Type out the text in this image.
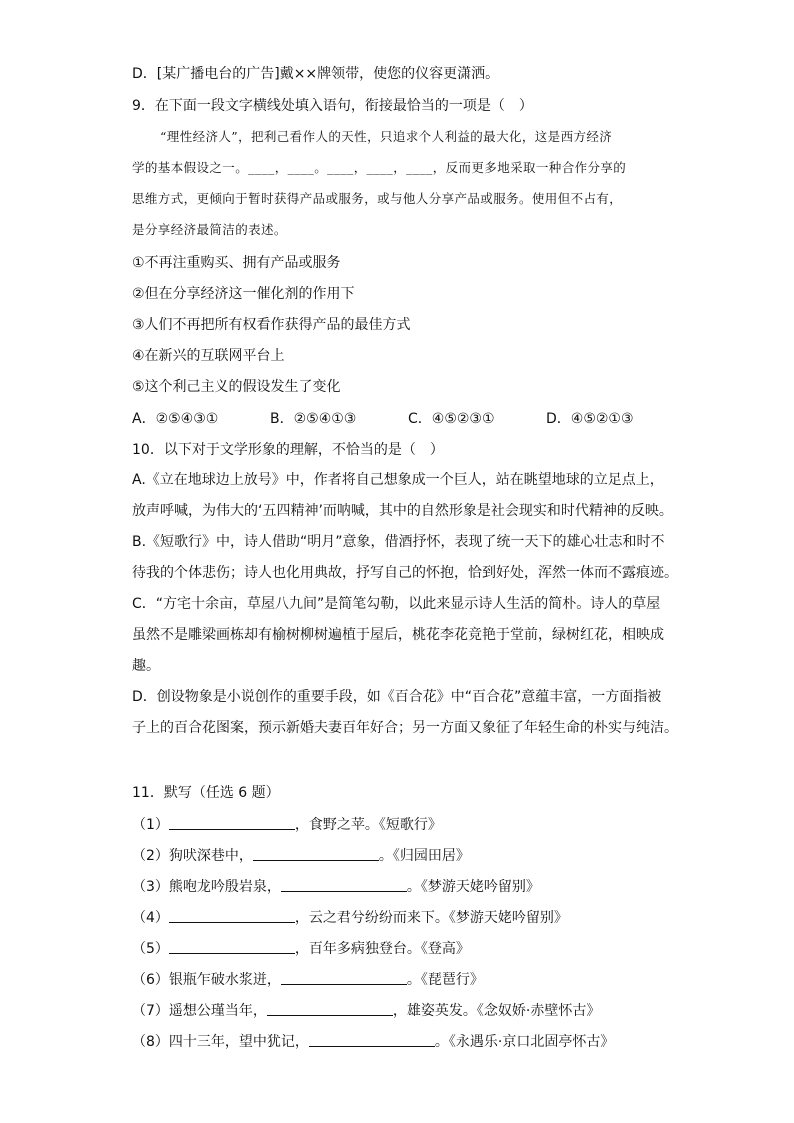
D．[某广播电台的广告]戴××牌领带，使您的仪容更潇洒。
9．在下面一段文字横线处填入语句，衔接最恰当的一项是（　）

“理性经济人”，把利己看作人的天性，只追求个人利益的最大化，这是西方经济

学的基本假设之一。____，____。____，____，____，反而更多地采取一种合作分享的

思维方式，更倾向于暂时获得产品或服务，或与他人分享产品或服务。使用但不占有，

是分享经济最简洁的表述。

①不再注重购买、拥有产品或服务
②但在分享经济这一催化剂的作用下
③人们不再把所有权看作获得产品的最佳方式
④在新兴的互联网平台上
⑤这个利己主义的假设发生了变化
A．②⑤④③①	B．②⑤④①③	C．④⑤②③①	D．④⑤②①③
10．以下对于文学形象的理解，不恰当的是（　）

A.《立在地球边上放号》中，作者将自己想象成一个巨人，站在眺望地球的立足点上，

放声呼喊，为伟大的‘五四精神’而呐喊，其中的自然形象是社会现实和时代精神的反映。

B.《短歌行》中，诗人借助“明月”意象，借酒抒怀，表现了统一天下的雄心壮志和时不

待我的个体悲伤；诗人也化用典故，抒写自己的怀抱，恰到好处，浑然一体而不露痕迹。

C．“方宅十余亩，草屋八九间”是简笔勾勒，以此来显示诗人生活的简朴。诗人的草屋

虽然不是雕梁画栋却有榆树柳树遍植于屋后，桃花李花竞艳于堂前，绿树红花，相映成

趣。

D．创设物象是小说创作的重要手段，如《百合花》中“百合花”意蕴丰富，一方面指被

子上的百合花图案，预示新婚夫妻百年好合；另一方面又象征了年轻生命的朴实与纯洁。

11．默写（任选 6 题）
（1）	，食野之苹。《短歌行》
（2）狗吠深巷中，	。《归园田居》
（3）熊咆龙吟殷岩泉，	。《梦游天姥吟留别》
（4）	，云之君兮纷纷而来下。《梦游天姥吟留别》
（5）	，百年多病独登台。《登高》
（6）银瓶乍破水浆迸，	。《琵琶行》
（7）遥想公瑾当年，	，雄姿英发。《念奴娇·赤壁怀古》
（8）四十三年，望中犹记，	。《永遇乐·京口北固亭怀古》
